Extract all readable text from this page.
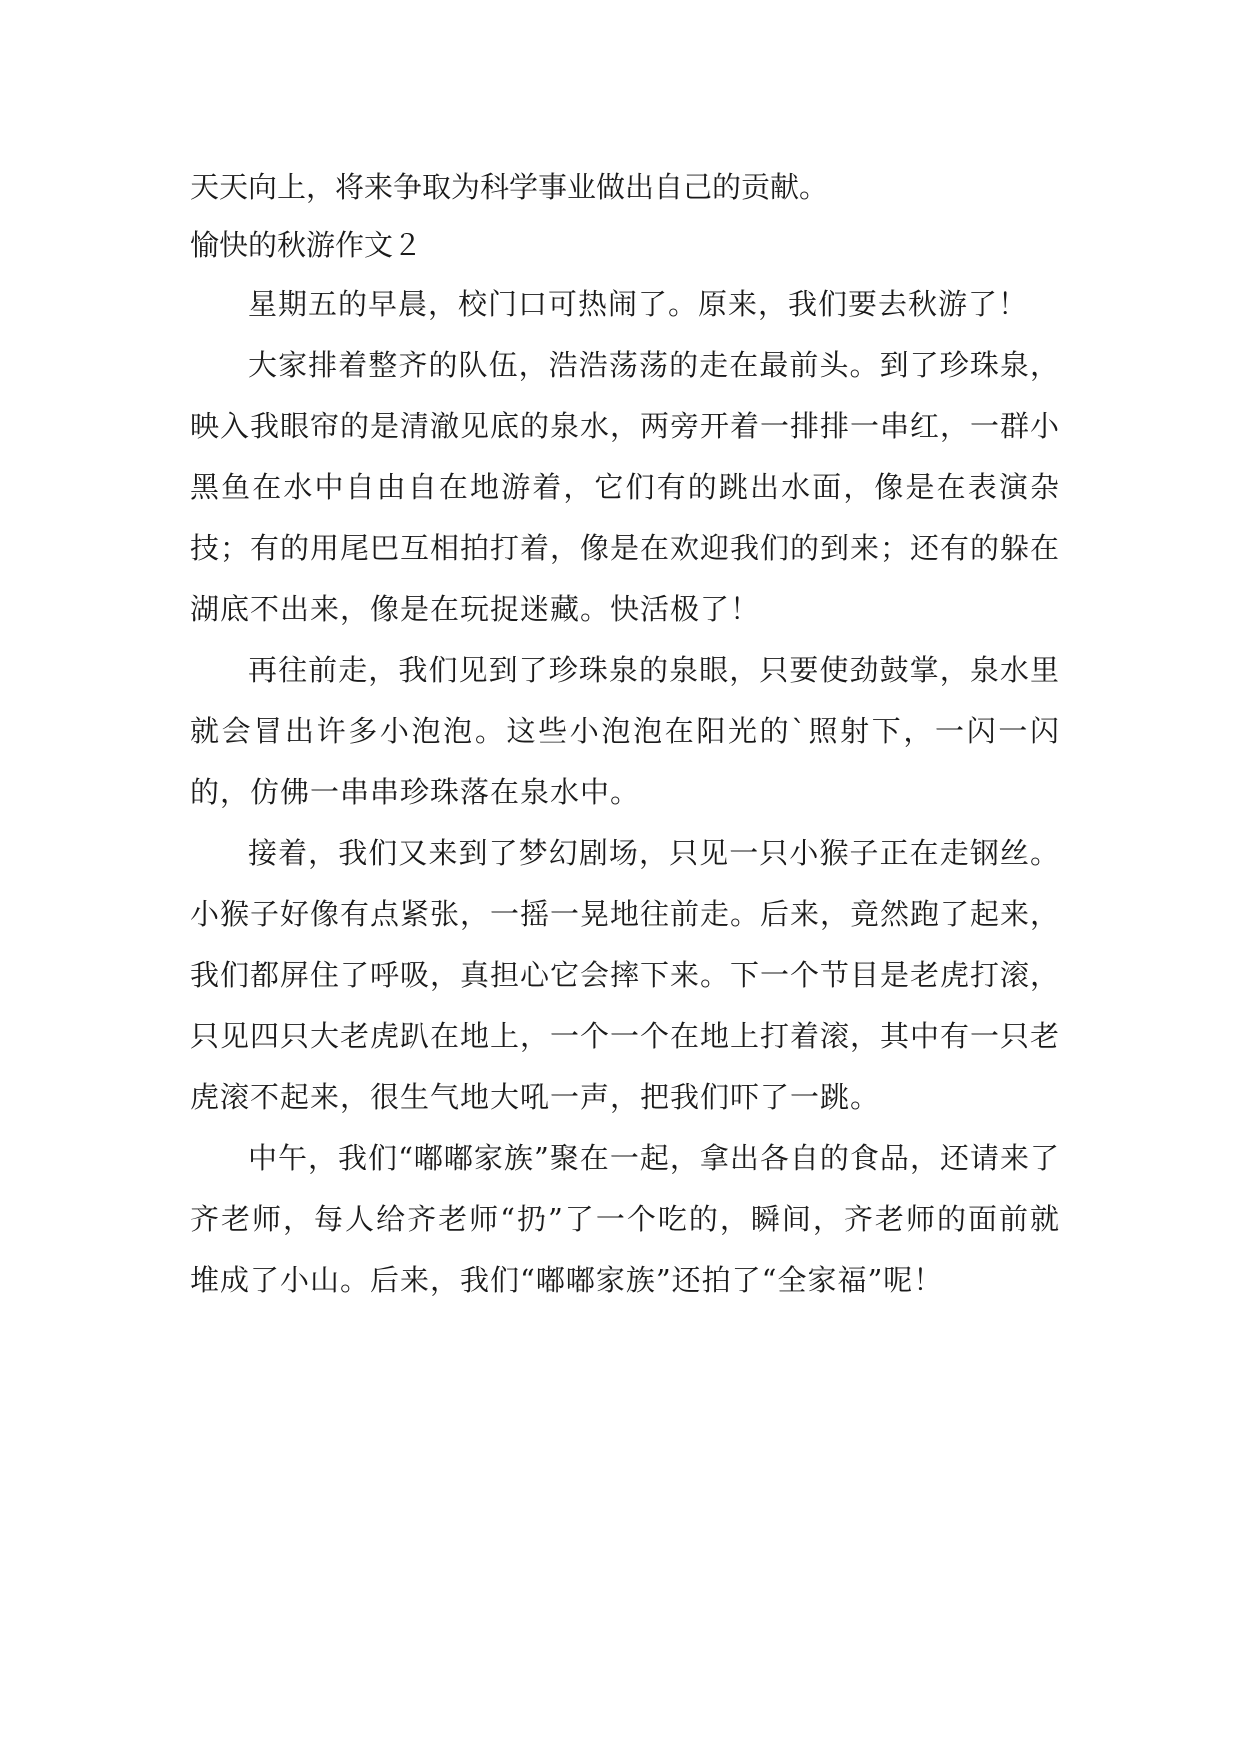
天天向上，将来争取为科学事业做出自己的贡献。

愉快的秋游作文２

星期五的早晨，校门口可热闹了。原来，我们要去秋游了！

大家排着整齐的队伍，浩浩荡荡的走在最前头。到了珍珠泉，映入我眼帘的是清澈见底的泉水，两旁开着一排排一串红，一群小黑鱼在水中自由自在地游着，它们有的跳出水面，像是在表演杂技；有的用尾巴互相拍打着，像是在欢迎我们的到来；还有的躲在湖底不出来，像是在玩捉迷藏。快活极了！

再往前走，我们见到了珍珠泉的泉眼，只要使劲鼓掌，泉水里就会冒出许多小泡泡。这些小泡泡在阳光的`照射下，一闪一闪的，仿佛一串串珍珠落在泉水中。

接着，我们又来到了梦幻剧场，只见一只小猴子正在走钢丝。小猴子好像有点紧张，一摇一晃地往前走。后来，竟然跑了起来，我们都屏住了呼吸，真担心它会摔下来。下一个节目是老虎打滚，只见四只大老虎趴在地上，一个一个在地上打着滚，其中有一只老虎滚不起来，很生气地大吼一声，把我们吓了一跳。

中午，我们“嘟嘟家族”聚在一起，拿出各自的食品，还请来了齐老师，每人给齐老师“扔”了一个吃的，瞬间，齐老师的面前就堆成了小山。后来，我们“嘟嘟家族”还拍了“全家福”呢！
